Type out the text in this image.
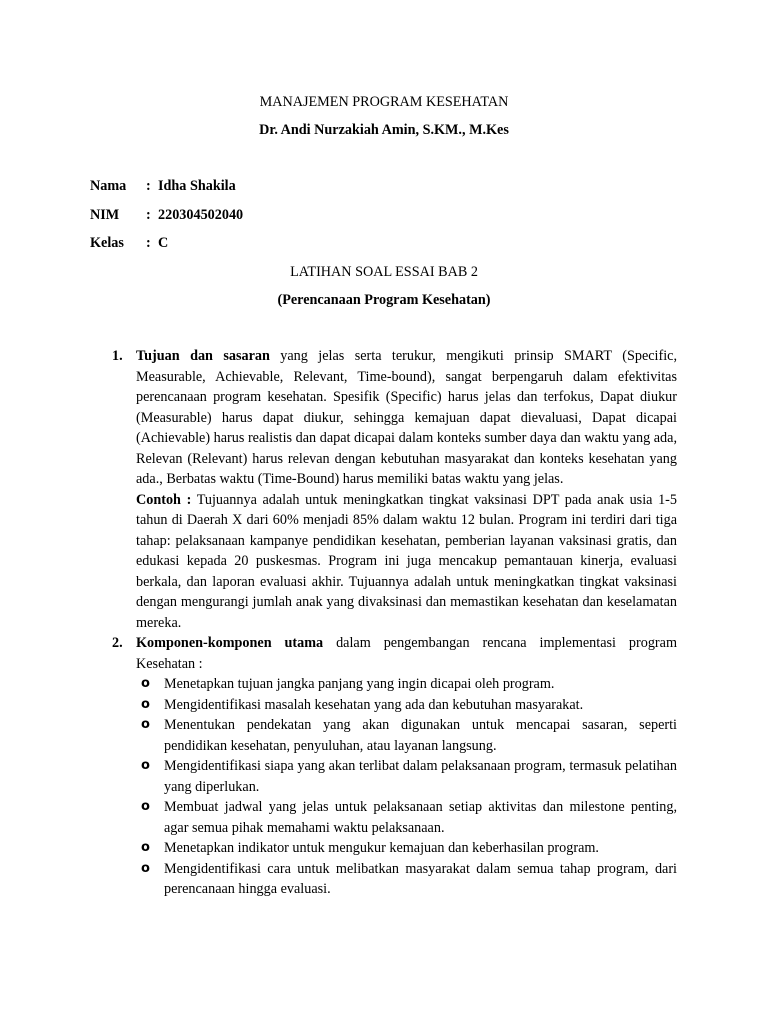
MANAJEMEN PROGRAM KESEHATAN
Dr. Andi Nurzakiah Amin, S.KM., M.Kes
Nama : Idha Shakila
NIM : 220304502040
Kelas : C
LATIHAN SOAL ESSAI BAB 2
(Perencanaan Program Kesehatan)
1. Tujuan dan sasaran yang jelas serta terukur, mengikuti prinsip SMART (Specific, Measurable, Achievable, Relevant, Time-bound), sangat berpengaruh dalam efektivitas perencanaan program kesehatan. Spesifik (Specific) harus jelas dan terfokus, Dapat diukur (Measurable) harus dapat diukur, sehingga kemajuan dapat dievaluasi, Dapat dicapai (Achievable) harus realistis dan dapat dicapai dalam konteks sumber daya dan waktu yang ada, Relevan (Relevant) harus relevan dengan kebutuhan masyarakat dan konteks kesehatan yang ada., Berbatas waktu (Time-Bound) harus memiliki batas waktu yang jelas.
Contoh : Tujuannya adalah untuk meningkatkan tingkat vaksinasi DPT pada anak usia 1-5 tahun di Daerah X dari 60% menjadi 85% dalam waktu 12 bulan. Program ini terdiri dari tiga tahap: pelaksanaan kampanye pendidikan kesehatan, pemberian layanan vaksinasi gratis, dan edukasi kepada 20 puskesmas. Program ini juga mencakup pemantauan kinerja, evaluasi berkala, dan laporan evaluasi akhir. Tujuannya adalah untuk meningkatkan tingkat vaksinasi dengan mengurangi jumlah anak yang divaksinasi dan memastikan kesehatan dan keselamatan mereka.
2. Komponen-komponen utama dalam pengembangan rencana implementasi program Kesehatan :
o Menetapkan tujuan jangka panjang yang ingin dicapai oleh program.
o Mengidentifikasi masalah kesehatan yang ada dan kebutuhan masyarakat.
o Menentukan pendekatan yang akan digunakan untuk mencapai sasaran, seperti pendidikan kesehatan, penyuluhan, atau layanan langsung.
o Mengidentifikasi siapa yang akan terlibat dalam pelaksanaan program, termasuk pelatihan yang diperlukan.
o Membuat jadwal yang jelas untuk pelaksanaan setiap aktivitas dan milestone penting, agar semua pihak memahami waktu pelaksanaan.
o Menetapkan indikator untuk mengukur kemajuan dan keberhasilan program.
o Mengidentifikasi cara untuk melibatkan masyarakat dalam semua tahap program, dari perencanaan hingga evaluasi.
